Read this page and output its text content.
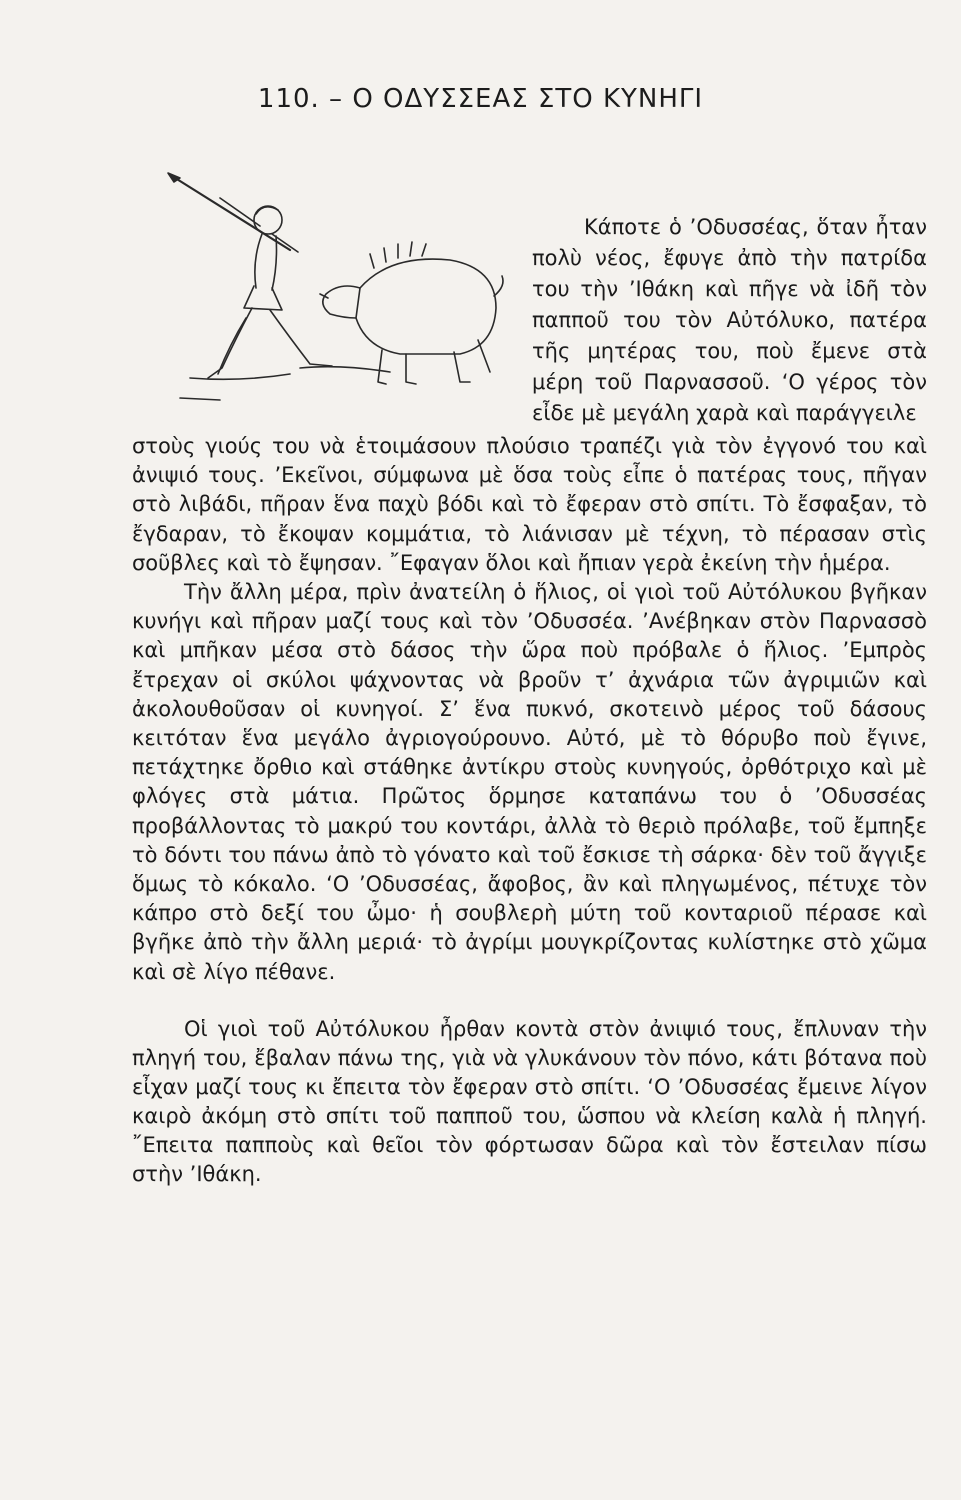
110. – Ο ΟΔΥΣΣΕΑΣ ΣΤΟ ΚΥΝΗΓΙ

Κάποτε ὁ ’Οδυσσέας, ὅταν ἦταν πολὺ νέος, ἔφυγε ἀπὸ τὴν πατρίδα του τὴν ’Ιθάκη καὶ πῆγε νὰ ἰδῆ τὸν παπποῦ του τὸν Αὐτόλυκο, πατέρα τῆς μητέρας του, ποὺ ἔμενε στὰ μέρη τοῦ Παρνασσοῦ. ‘Ο γέρος τὸν εἶδε μὲ μεγάλη χαρὰ καὶ παράγγειλε

στοὺς γιούς του νὰ ἑτοιμάσουν πλούσιο τραπέζι γιὰ τὸν ἐγγονό του καὶ ἀνιψιό τους. ’Εκεῖνοι, σύμφωνα μὲ ὅσα τοὺς εἶπε ὁ πατέρας τους, πῆγαν στὸ λιβάδι, πῆραν ἕνα παχὺ βόδι καὶ τὸ ἔφεραν στὸ σπίτι. Τὸ ἔσφαξαν, τὸ ἔγδαραν, τὸ ἔκοψαν κομμάτια, τὸ λιάνισαν μὲ τέχνη, τὸ πέρασαν στὶς σοῦβλες καὶ τὸ ἔψησαν. ῎Εφαγαν ὅλοι καὶ ἤπιαν γερὰ ἐκείνη τὴν ἡμέρα.

Τὴν ἄλλη μέρα, πρὶν ἀνατείλη ὁ ἥλιος, οἱ γιοὶ τοῦ Αὐτόλυκου βγῆκαν κυνήγι καὶ πῆραν μαζί τους καὶ τὸν ’Οδυσσέα. ’Ανέβηκαν στὸν Παρνασσὸ καὶ μπῆκαν μέσα στὸ δάσος τὴν ὥρα ποὺ πρόβαλε ὁ ἥλιος. ’Εμπρὸς ἔτρεχαν οἱ σκύλοι ψάχνοντας νὰ βροῦν τ’ ἀχνάρια τῶν ἀγριμιῶν καὶ ἀκολουθοῦσαν οἱ κυνηγοί. Σ’ ἕνα πυκνό, σκοτεινὸ μέρος τοῦ δάσους κειτόταν ἕνα μεγάλο ἀγριογούρουνο. Αὐτό, μὲ τὸ θόρυβο ποὺ ἔγινε, πετάχτηκε ὄρθιο καὶ στάθηκε ἀντίκρυ στοὺς κυνηγούς, ὀρθότριχο καὶ μὲ φλόγες στὰ μάτια. Πρῶτος ὅρμησε καταπάνω του ὁ ’Οδυσσέας προβάλλοντας τὸ μακρύ του κοντάρι, ἀλλὰ τὸ θεριὸ πρόλαβε, τοῦ ἔμπηξε τὸ δόντι του πάνω ἀπὸ τὸ γόνατο καὶ τοῦ ἔσκισε τὴ σάρκα· δὲν τοῦ ἄγγιξε ὅμως τὸ κόκαλο. ‘Ο ’Οδυσσέας, ἄφοβος, ἂν καὶ πληγωμένος, πέτυχε τὸν κάπρο στὸ δεξί του ὦμο· ἡ σουβλερὴ μύτη τοῦ κονταριοῦ πέρασε καὶ βγῆκε ἀπὸ τὴν ἄλλη μεριά· τὸ ἀγρίμι μουγκρίζοντας κυλίστηκε στὸ χῶμα καὶ σὲ λίγο πέθανε.

Οἱ γιοὶ τοῦ Αὐτόλυκου ἦρθαν κοντὰ στὸν ἀνιψιό τους, ἔπλυναν τὴν πληγή του, ἔβαλαν πάνω της, γιὰ νὰ γλυκάνουν τὸν πόνο, κάτι βότανα ποὺ εἶχαν μαζί τους κι ἔπειτα τὸν ἔφεραν στὸ σπίτι. ‘Ο ’Οδυσσέας ἔμεινε λίγον καιρὸ ἀκόμη στὸ σπίτι τοῦ παπποῦ του, ὥσπου νὰ κλείση καλὰ ἡ πληγή. ῎Επειτα παπποὺς καὶ θεῖοι τὸν φόρτωσαν δῶρα καὶ τὸν ἔστειλαν πίσω στὴν ’Ιθάκη.
